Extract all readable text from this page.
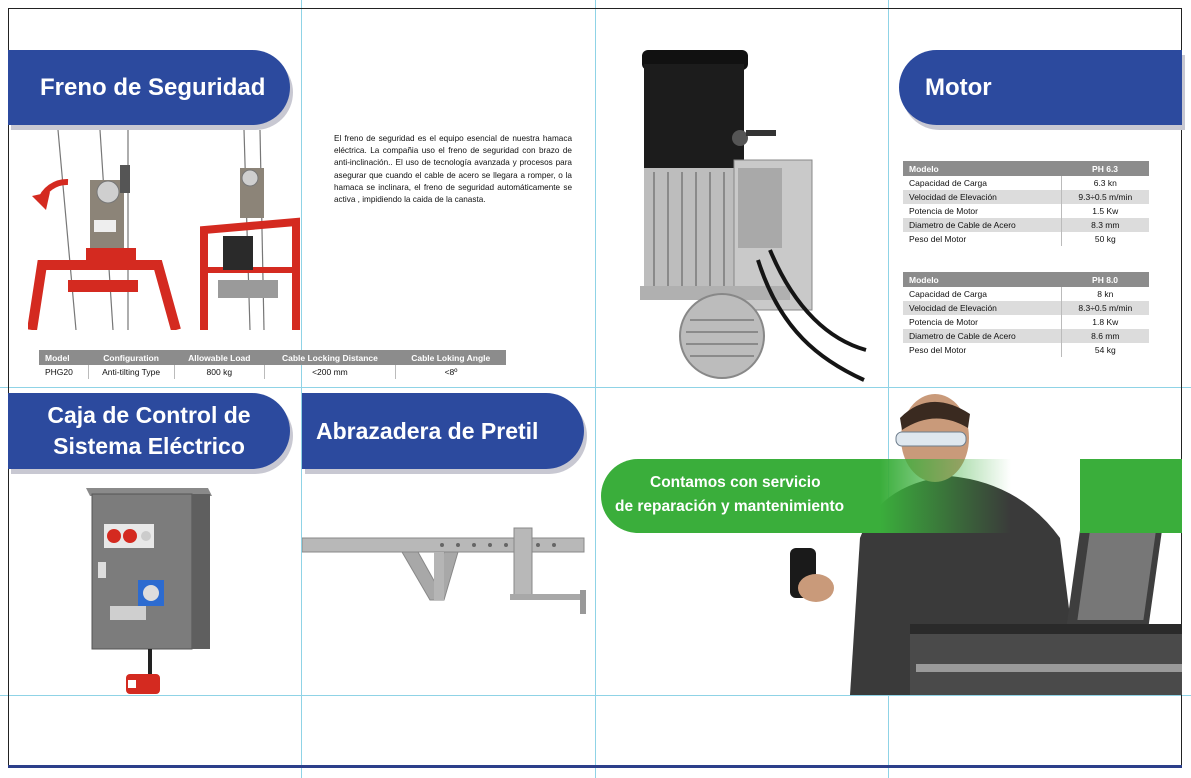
Freno de Seguridad
El freno de seguridad es el equipo esencial de nuestra hamaca eléctrica. La compañia uso el freno de seguridad con brazo de anti-inclinación.. El uso de tecnología avanzada y procesos para asegurar que cuando el cable de acero se llegara a romper, o la hamaca se inclinara, el freno de seguridad automáticamente se activa , impidiendo la caida de la canasta.
Model	Configuration	Allowable Load	Cable Locking Distance	Cable Loking Angle
PHG20	Anti-tilting Type	800 kg	<200 mm	<8º
Motor
Modelo	PH 6.3
Capacidad de Carga	6.3 kn
Velocidad de Elevación	9.3÷0.5 m/min
Potencia de Motor	1.5 Kw
Diametro de Cable de Acero	8.3 mm
Peso del Motor	50 kg
Modelo	PH 8.0
Capacidad de Carga	8 kn
Velocidad de Elevación	8.3÷0.5 m/min
Potencia de Motor	1.8 Kw
Diametro de Cable de Acero	8.6 mm
Peso del Motor	54 kg
Caja de Control de
Sistema Eléctrico
Abrazadera de Pretil
Contamos con servicio
de reparación y mantenimiento
